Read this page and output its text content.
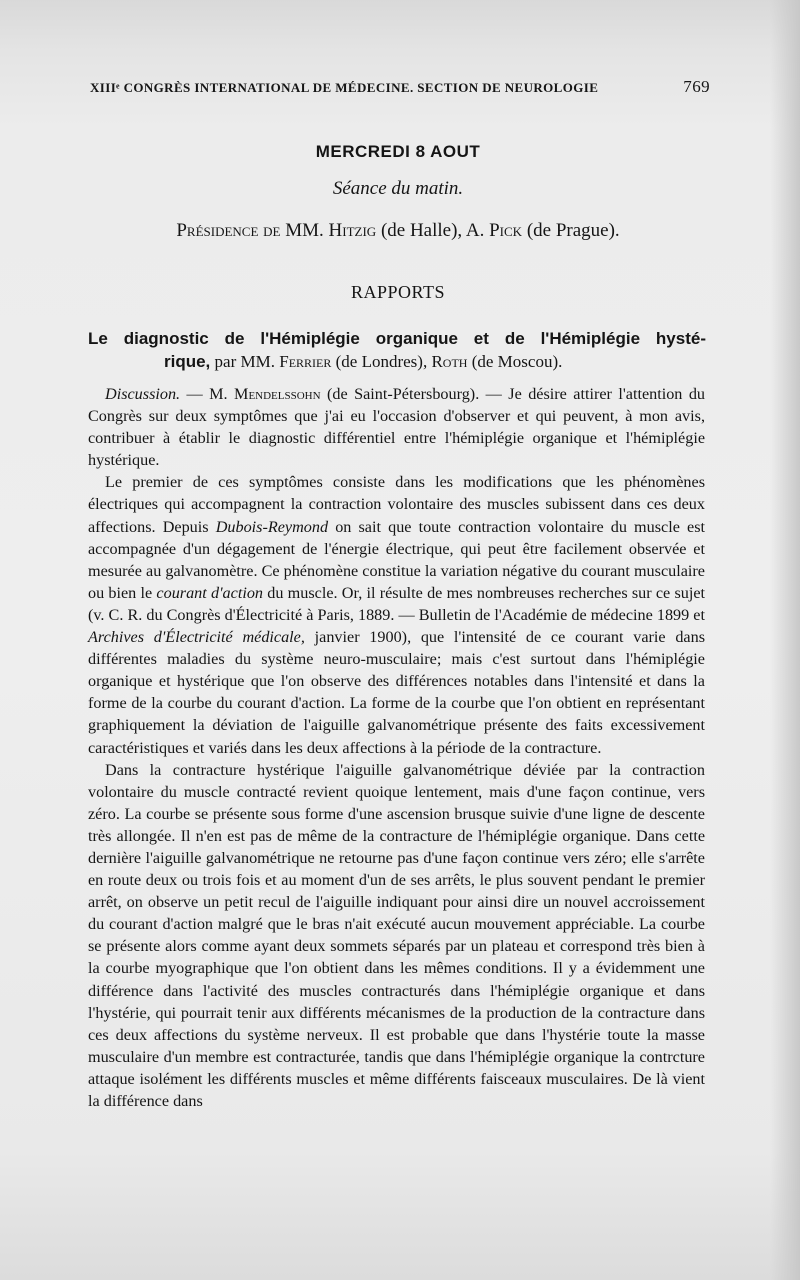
XIIIᵉ CONGRÈS INTERNATIONAL DE MÉDECINE. SECTION DE NEUROLOGIE	769
MERCREDI 8 AOUT
Séance du matin.
Présidence de MM. Hitzig (de Halle), A. Pick (de Prague).
RAPPORTS
Le diagnostic de l'Hémiplégie organique et de l'Hémiplégie hysté-
rique, par MM. Ferrier (de Londres), Roth (de Moscou).

Discussion. — M. Mendelssohn (de Saint-Pétersbourg). — Je désire attirer l'attention du Congrès sur deux symptômes que j'ai eu l'occasion d'observer et qui peuvent, à mon avis, contribuer à établir le diagnostic différentiel entre l'hémiplégie organique et l'hémiplégie hystérique.

Le premier de ces symptômes consiste dans les modifications que les phénomènes électriques qui accompagnent la contraction volontaire des muscles subissent dans ces deux affections. Depuis Dubois-Reymond on sait que toute contraction volontaire du muscle est accompagnée d'un dégagement de l'énergie électrique, qui peut être facilement observée et mesurée au galvanomètre. Ce phénomène constitue la variation négative du courant musculaire ou bien le courant d'action du muscle. Or, il résulte de mes nombreuses recherches sur ce sujet (v. C. R. du Congrès d'Électricité à Paris, 1889. — Bulletin de l'Académie de médecine 1899 et Archives d'Électricité médicale, janvier 1900), que l'intensité de ce courant varie dans différentes maladies du système neuro-musculaire; mais c'est surtout dans l'hémiplégie organique et hystérique que l'on observe des différences notables dans l'intensité et dans la forme de la courbe du courant d'action. La forme de la courbe que l'on obtient en représentant graphiquement la déviation de l'aiguille galvanométrique présente des faits excessivement caractéristiques et variés dans les deux affections à la période de la contracture.

Dans la contracture hystérique l'aiguille galvanométrique déviée par la contraction volontaire du muscle contracté revient quoique lentement, mais d'une façon continue, vers zéro. La courbe se présente sous forme d'une ascension brusque suivie d'une ligne de descente très allongée. Il n'en est pas de même de la contracture de l'hémiplégie organique. Dans cette dernière l'aiguille galvanométrique ne retourne pas d'une façon continue vers zéro; elle s'arrête en route deux ou trois fois et au moment d'un de ses arrêts, le plus souvent pendant le premier arrêt, on observe un petit recul de l'aiguille indiquant pour ainsi dire un nouvel accroissement du courant d'action malgré que le bras n'ait exécuté aucun mouvement appréciable. La courbe se présente alors comme ayant deux sommets séparés par un plateau et correspond très bien à la courbe myographique que l'on obtient dans les mêmes conditions. Il y a évidemment une différence dans l'activité des muscles contracturés dans l'hémiplégie organique et dans l'hystérie, qui pourrait tenir aux différents mécanismes de la production de la contracture dans ces deux affections du système nerveux. Il est probable que dans l'hystérie toute la masse musculaire d'un membre est contracturée, tandis que dans l'hémiplégie organique la contrcture attaque isolément les différents muscles et même différents faisceaux musculaires. De là vient la différence dans
